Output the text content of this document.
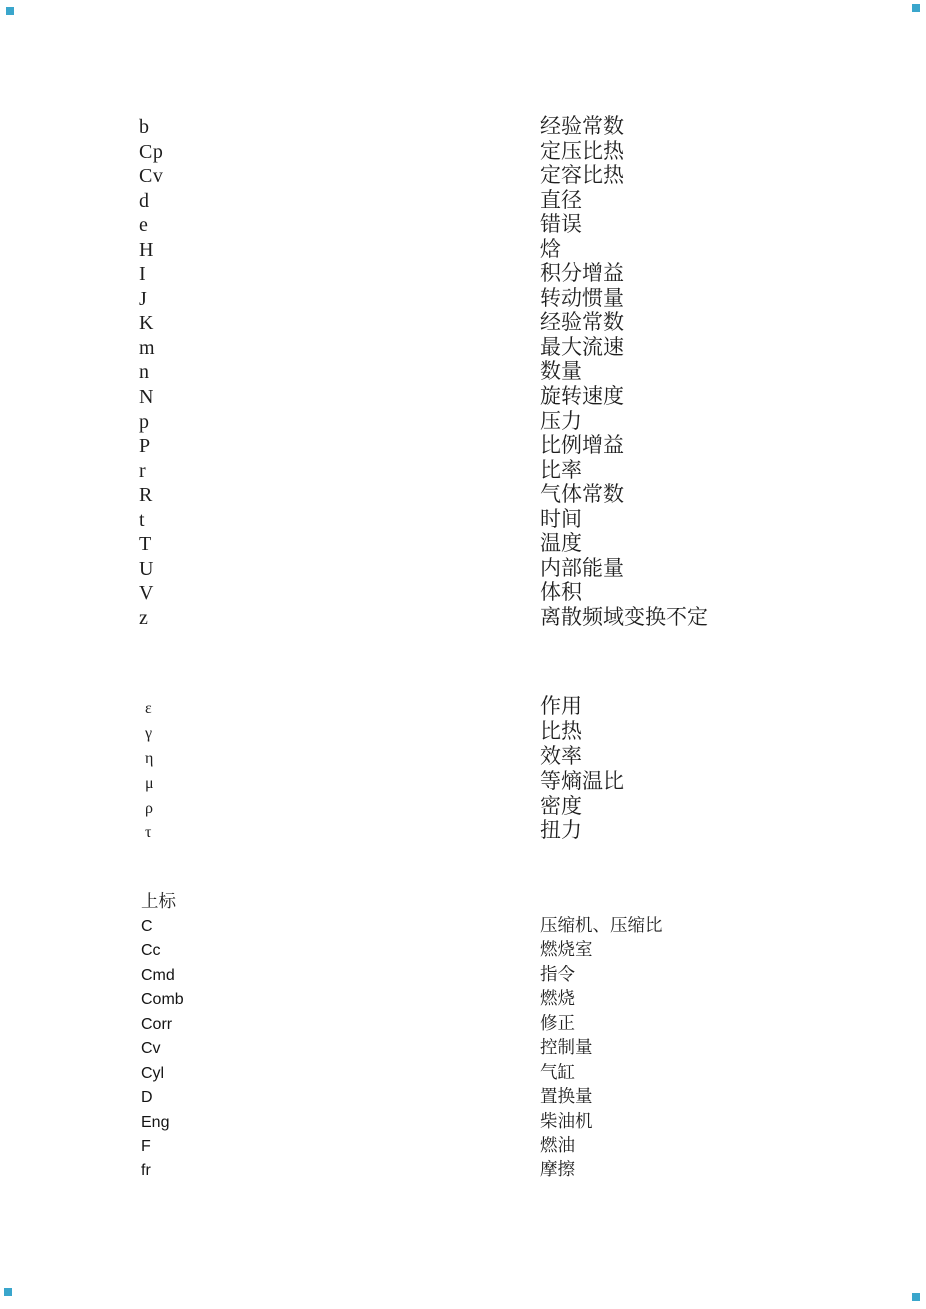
b	经验常数
Cp	定压比热
Cv	定容比热
d	直径
e	错误
H	焓
I	积分增益
J	转动惯量
K	经验常数
m	最大流速
n	数量
N	旋转速度
p	压力
P	比例增益
r	比率
R	气体常数
t	时间
T	温度
U	内部能量
V	体积
z	离散频域变换不定
ε	作用
γ	比热
η	效率
μ	等熵温比
ρ	密度
τ	扭力
上标
C	压缩机、压缩比
Cc	燃烧室
Cmd	指令
Comb	燃烧
Corr	修正
Cv	控制量
Cyl	气缸
D	置换量
Eng	柴油机
F	燃油
fr	摩擦
